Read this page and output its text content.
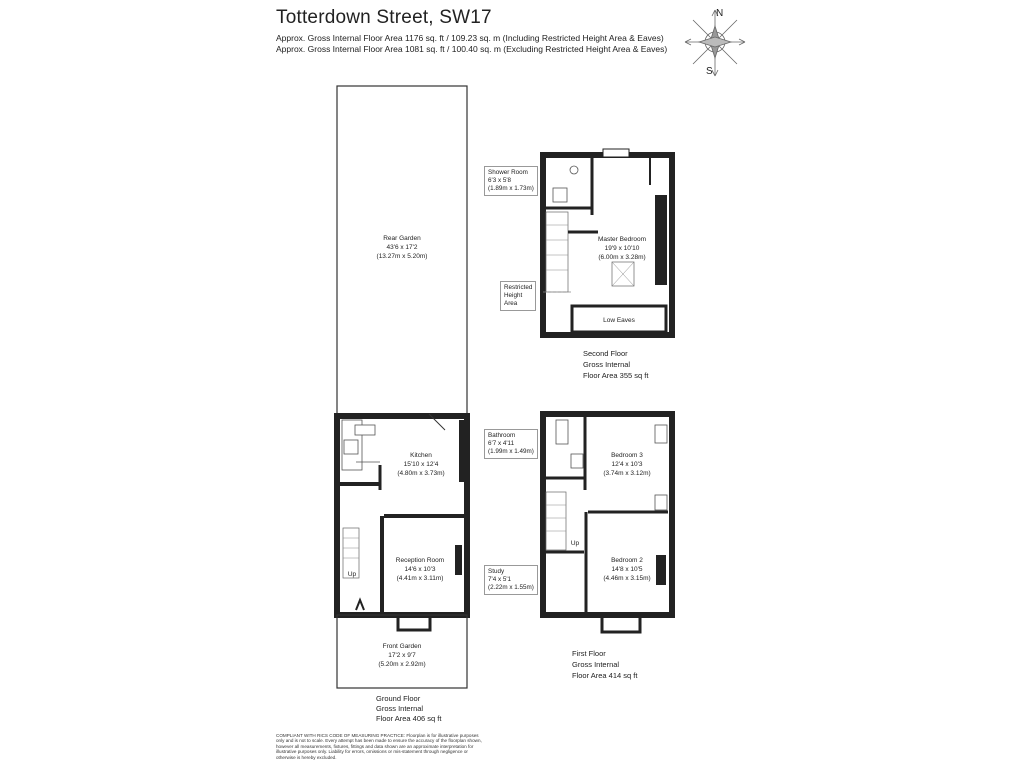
Totterdown Street, SW17
Approx. Gross Internal Floor Area 1176 sq. ft / 109.23 sq. m (Including Restricted Height Area & Eaves)
Approx. Gross Internal Floor Area 1081 sq. ft / 100.40 sq. m (Excluding Restricted Height Area & Eaves)
N
S
Rear Garden
43'6 x 17'2
(13.27m x 5.20m)
Kitchen
15'10 x 12'4
(4.80m x 3.73m)
Reception Room
14'6 x 10'3
(4.41m x 3.11m)
Up
Front Garden
17'2 x 9'7
(5.20m x 2.92m)
Ground Floor
Gross Internal
Floor Area 406 sq ft
Master Bedroom
19'9 x 10'10
(6.00m x 3.28m)
Low Eaves
Second Floor
Gross Internal
Floor Area 355 sq ft
Bedroom 3
12'4 x 10'3
(3.74m x 3.12m)
Bedroom 2
14'8 x 10'5
(4.46m x 3.15m)
Up
First Floor
Gross Internal
Floor Area 414 sq ft
Shower Room
6'3 x 5'8
(1.89m x 1.73m)
Restricted
Height
Area
Bathroom
6'7 x 4'11
(1.99m x 1.49m)
Study
7'4 x 5'1
(2.22m x 1.55m)
COMPLIANT WITH RICS CODE OF MEASURING PRACTICE: Floorplan is for illustrative purposes only and is not to scale. Every attempt has been made to ensure the accuracy of the floorplan shown, however all measurements, fixtures, fittings and data shown are an approximate interpretation for illustrative purposes only. Liability for errors, omissions or mis-statement through negligence or otherwise is hereby excluded.
